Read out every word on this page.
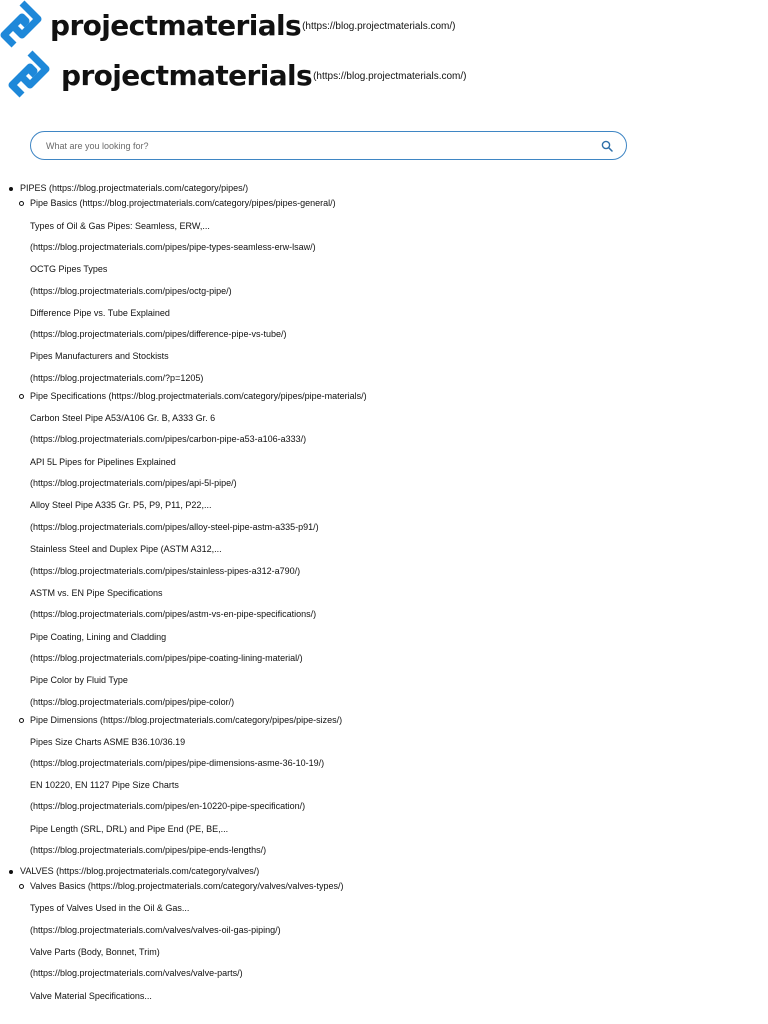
projectmaterials (https://blog.projectmaterials.com/)
projectmaterials (https://blog.projectmaterials.com/)
What are you looking for?
PIPES (https://blog.projectmaterials.com/category/pipes/)
Pipe Basics (https://blog.projectmaterials.com/category/pipes/pipes-general/)
Types of Oil & Gas Pipes: Seamless, ERW,...
(https://blog.projectmaterials.com/pipes/pipe-types-seamless-erw-lsaw/)
OCTG Pipes Types
(https://blog.projectmaterials.com/pipes/octg-pipe/)
Difference Pipe vs. Tube Explained
(https://blog.projectmaterials.com/pipes/difference-pipe-vs-tube/)
Pipes Manufacturers and Stockists
(https://blog.projectmaterials.com/?p=1205)
Pipe Specifications (https://blog.projectmaterials.com/category/pipes/pipe-materials/)
Carbon Steel Pipe A53/A106 Gr. B, A333 Gr. 6
(https://blog.projectmaterials.com/pipes/carbon-pipe-a53-a106-a333/)
API 5L Pipes for Pipelines Explained
(https://blog.projectmaterials.com/pipes/api-5l-pipe/)
Alloy Steel Pipe A335 Gr. P5, P9, P11, P22,...
(https://blog.projectmaterials.com/pipes/alloy-steel-pipe-astm-a335-p91/)
Stainless Steel and Duplex Pipe (ASTM A312,...
(https://blog.projectmaterials.com/pipes/stainless-pipes-a312-a790/)
ASTM vs. EN Pipe Specifications
(https://blog.projectmaterials.com/pipes/astm-vs-en-pipe-specifications/)
Pipe Coating, Lining and Cladding
(https://blog.projectmaterials.com/pipes/pipe-coating-lining-material/)
Pipe Color by Fluid Type
(https://blog.projectmaterials.com/pipes/pipe-color/)
Pipe Dimensions (https://blog.projectmaterials.com/category/pipes/pipe-sizes/)
Pipes Size Charts ASME B36.10/36.19
(https://blog.projectmaterials.com/pipes/pipe-dimensions-asme-36-10-19/)
EN 10220, EN 1127 Pipe Size Charts
(https://blog.projectmaterials.com/pipes/en-10220-pipe-specification/)
Pipe Length (SRL, DRL) and Pipe End (PE, BE,...
(https://blog.projectmaterials.com/pipes/pipe-ends-lengths/)
VALVES (https://blog.projectmaterials.com/category/valves/)
Valves Basics (https://blog.projectmaterials.com/category/valves/valves-types/)
Types of Valves Used in the Oil & Gas...
(https://blog.projectmaterials.com/valves/valves-oil-gas-piping/)
Valve Parts (Body, Bonnet, Trim)
(https://blog.projectmaterials.com/valves/valve-parts/)
Valve Material Specifications...
